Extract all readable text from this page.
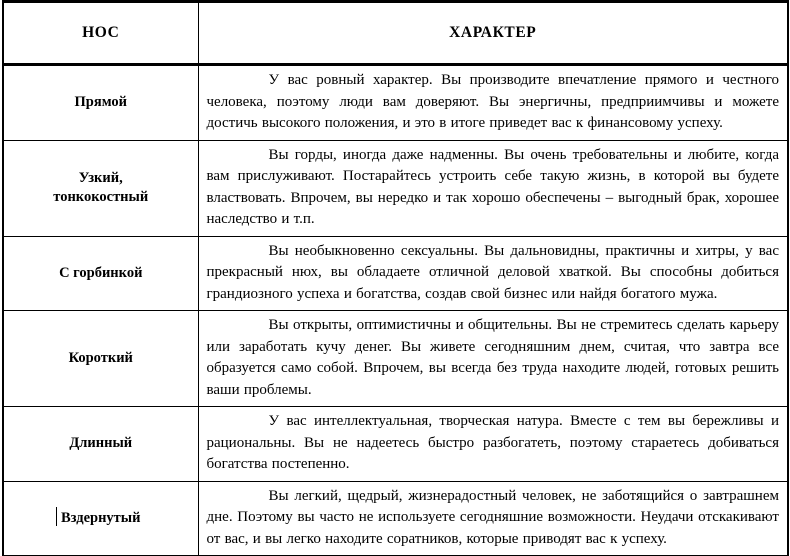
НОС	ХАРАКТЕР

Прямой	У вас ровный характер. Вы производите впечатление прямого и честного человека, поэтому люди вам доверяют. Вы энергичны, предприимчивы и можете достичь высокого положения, и это в итоге приведет вас к финансовому успеху.

Узкий,
тонкокостный	Вы горды, иногда даже надменны. Вы очень требовательны и любите, когда вам прислуживают. Постарайтесь устроить себе такую жизнь, в которой вы будете властвовать. Впрочем, вы нередко и так хорошо обеспечены – выгодный брак, хорошее наследство и т.п.

С горбинкой	Вы необыкновенно сексуальны. Вы дальновидны, практичны и хитры, у вас прекрасный нюх, вы обладаете отличной деловой хваткой. Вы способны добиться грандиозного успеха и богатства, создав свой бизнес или найдя богатого мужа.

Короткий	Вы открыты, оптимистичны и общительны. Вы не стремитесь сделать карьеру или заработать кучу денег. Вы живете сегодняшним днем, считая, что завтра все образуется само собой. Впрочем, вы всегда без труда находите людей, готовых решить ваши проблемы.

Длинный	У вас интеллектуальная, творческая натура. Вместе с тем вы бережливы и рациональны. Вы не надеетесь быстро разбогатеть, поэтому стараетесь добиваться богатства постепенно.

Вздернутый	Вы легкий, щедрый, жизнерадостный человек, не заботящийся о завтрашнем дне. Поэтому вы часто не используете сегодняшние возможности. Неудачи отскакивают от вас, и вы легко находите соратников, которые приводят вас к успеху.
